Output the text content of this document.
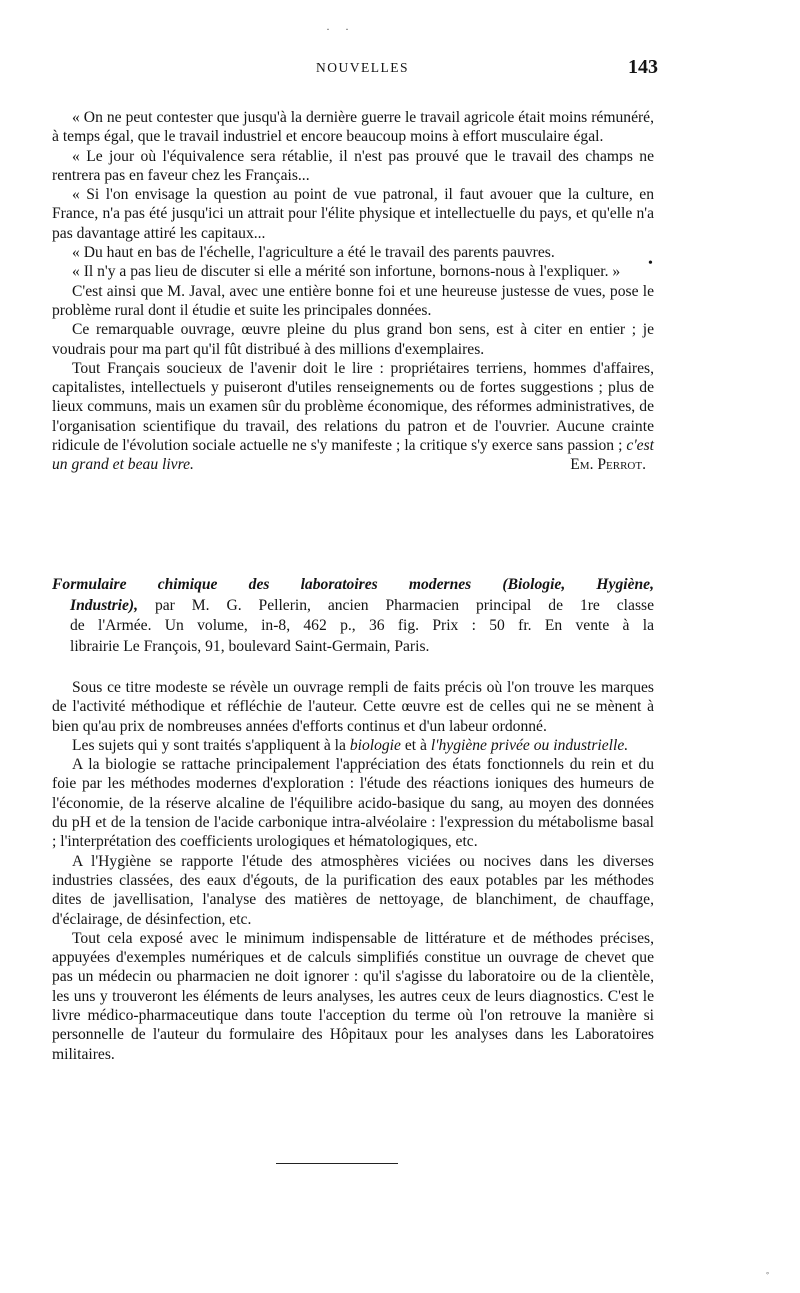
· ·
NOUVELLES	143

« On ne peut contester que jusqu'à la dernière guerre le travail agricole était moins rémunéré, à temps égal, que le travail industriel et encore beaucoup moins à effort musculaire égal.

« Le jour où l'équivalence sera rétablie, il n'est pas prouvé que le travail des champs ne rentrera pas en faveur chez les Français...

« Si l'on envisage la question au point de vue patronal, il faut avouer que la culture, en France, n'a pas été jusqu'ici un attrait pour l'élite physique et intellectuelle du pays, et qu'elle n'a pas davantage attiré les capitaux...

« Du haut en bas de l'échelle, l'agriculture a été le travail des parents pauvres.

« Il n'y a pas lieu de discuter si elle a mérité son infortune, bornons-nous à l'expliquer. »

C'est ainsi que M. Javal, avec une entière bonne foi et une heureuse justesse de vues, pose le problème rural dont il étudie et suite les principales données.

Ce remarquable ouvrage, œuvre pleine du plus grand bon sens, est à citer en entier ; je voudrais pour ma part qu'il fût distribué à des millions d'exemplaires.

Tout Français soucieux de l'avenir doit le lire : propriétaires terriens, hommes d'affaires, capitalistes, intellectuels y puiseront d'utiles renseignements ou de fortes suggestions ; plus de lieux communs, mais un examen sûr du problème économique, des réformes administratives, de l'organisation scientifique du travail, des relations du patron et de l'ouvrier. Aucune crainte ridicule de l'évolution sociale actuelle ne s'y manifeste ; la critique s'y exerce sans passion ; c'est un grand et beau livre.	Em. Perrot.

•
Formulaire chimique des laboratoires modernes (Biologie, Hygiène,
Industrie), par M. G. Pellerin, ancien Pharmacien principal de 1re classe
de l'Armée. Un volume, in-8, 462 p., 36 fig. Prix : 50 fr. En vente à la
librairie Le François, 91, boulevard Saint-Germain, Paris.

Sous ce titre modeste se révèle un ouvrage rempli de faits précis où l'on trouve les marques de l'activité méthodique et réfléchie de l'auteur. Cette œuvre est de celles qui ne se mènent à bien qu'au prix de nombreuses années d'efforts continus et d'un labeur ordonné.

Les sujets qui y sont traités s'appliquent à la biologie et à l'hygiène privée ou industrielle.

A la biologie se rattache principalement l'appréciation des états fonctionnels du rein et du foie par les méthodes modernes d'exploration : l'étude des réactions ioniques des humeurs de l'économie, de la réserve alcaline de l'équilibre acido-basique du sang, au moyen des données du pH et de la tension de l'acide carbonique intra-alvéolaire : l'expression du métabolisme basal ; l'interprétation des coefficients urologiques et hématologiques, etc.

A l'Hygiène se rapporte l'étude des atmosphères viciées ou nocives dans les diverses industries classées, des eaux d'égouts, de la purification des eaux potables par les méthodes dites de javellisation, l'analyse des matières de nettoyage, de blanchiment, de chauffage, d'éclairage, de désinfection, etc.

Tout cela exposé avec le minimum indispensable de littérature et de méthodes précises, appuyées d'exemples numériques et de calculs simplifiés constitue un ouvrage de chevet que pas un médecin ou pharmacien ne doit ignorer : qu'il s'agisse du laboratoire ou de la clientèle, les uns y trouveront les éléments de leurs analyses, les autres ceux de leurs diagnostics. C'est le livre médico-pharmaceutique dans toute l'acception du terme où l'on retrouve la manière si personnelle de l'auteur du formulaire des Hôpitaux pour les analyses dans les Laboratoires militaires.

◦
